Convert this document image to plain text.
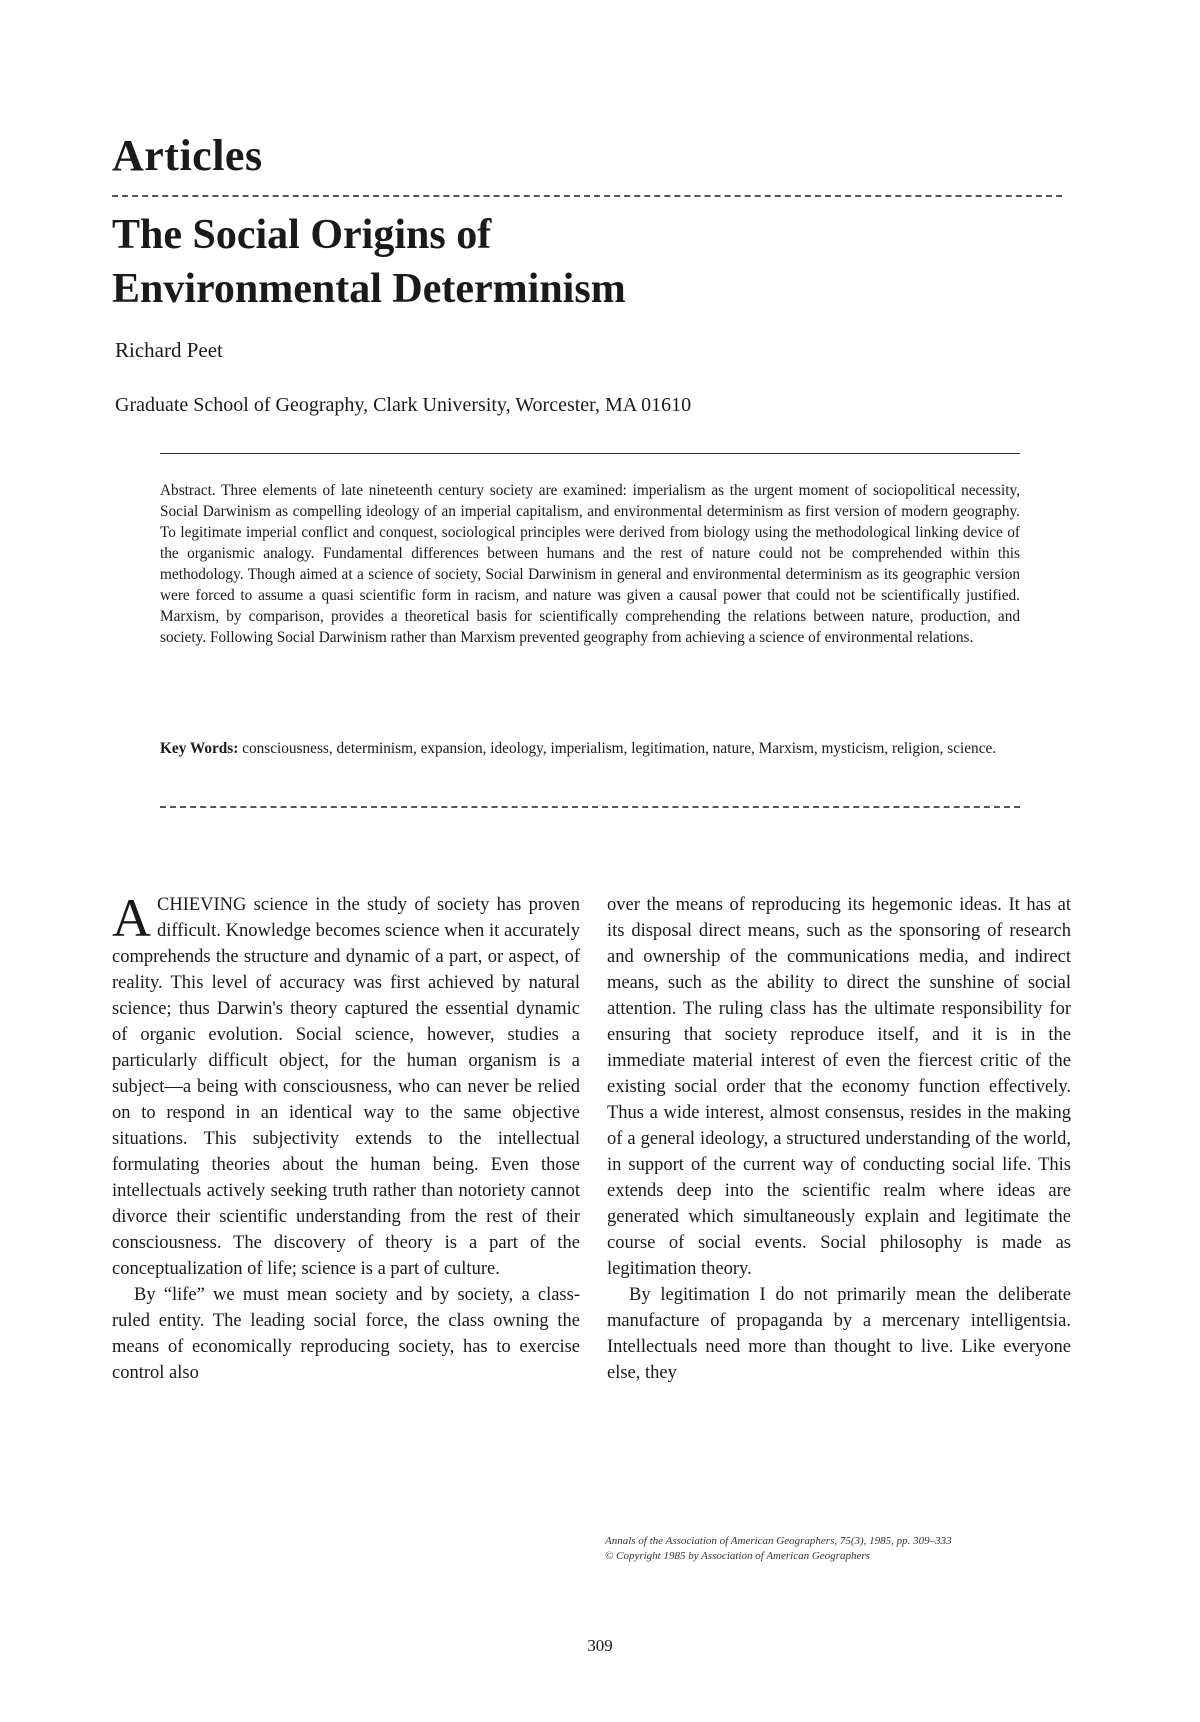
Articles
The Social Origins of
Environmental Determinism
Richard Peet
Graduate School of Geography, Clark University, Worcester, MA 01610

Abstract. Three elements of late nineteenth century society are examined: imperialism as the urgent moment of sociopolitical necessity, Social Darwinism as compelling ideology of an imperial capitalism, and environmental determinism as first version of modern geography. To legitimate imperial conflict and conquest, sociological principles were derived from biology using the methodological linking device of the organismic analogy. Fundamental differences between humans and the rest of nature could not be comprehended within this methodology. Though aimed at a science of society, Social Darwinism in general and environmental determinism as its geographic version were forced to assume a quasi scientific form in racism, and nature was given a causal power that could not be scientifically justified. Marxism, by comparison, provides a theoretical basis for scientifically comprehending the relations between nature, production, and society. Following Social Darwinism rather than Marxism prevented geography from achieving a science of environmental relations.

Key Words: consciousness, determinism, expansion, ideology, imperialism, legitimation, nature, Marxism, mysticism, religion, science.

ACHIEVING science in the study of society has proven difficult. Knowledge becomes science when it accurately comprehends the structure and dynamic of a part, or aspect, of reality. This level of accuracy was first achieved by natural science; thus Darwin's theory captured the essential dynamic of organic evolution. Social science, however, studies a particularly difficult object, for the human organism is a subject—a being with consciousness, who can never be relied on to respond in an identical way to the same objective situations. This subjectivity extends to the intellectual formulating theories about the human being. Even those intellectuals actively seeking truth rather than notoriety cannot divorce their scientific understanding from the rest of their consciousness. The discovery of theory is a part of the conceptualization of life; science is a part of culture.

By “life” we must mean society and by society, a class-ruled entity. The leading social force, the class owning the means of economically reproducing society, has to exercise control also

over the means of reproducing its hegemonic ideas. It has at its disposal direct means, such as the sponsoring of research and ownership of the communications media, and indirect means, such as the ability to direct the sunshine of social attention. The ruling class has the ultimate responsibility for ensuring that society reproduce itself, and it is in the immediate material interest of even the fiercest critic of the existing social order that the economy function effectively. Thus a wide interest, almost consensus, resides in the making of a general ideology, a structured understanding of the world, in support of the current way of conducting social life. This extends deep into the scientific realm where ideas are generated which simultaneously explain and legitimate the course of social events. Social philosophy is made as legitimation theory.

By legitimation I do not primarily mean the deliberate manufacture of propaganda by a mercenary intelligentsia. Intellectuals need more than thought to live. Like everyone else, they

Annals of the Association of American Geographers, 75(3), 1985, pp. 309–333
© Copyright 1985 by Association of American Geographers
309
